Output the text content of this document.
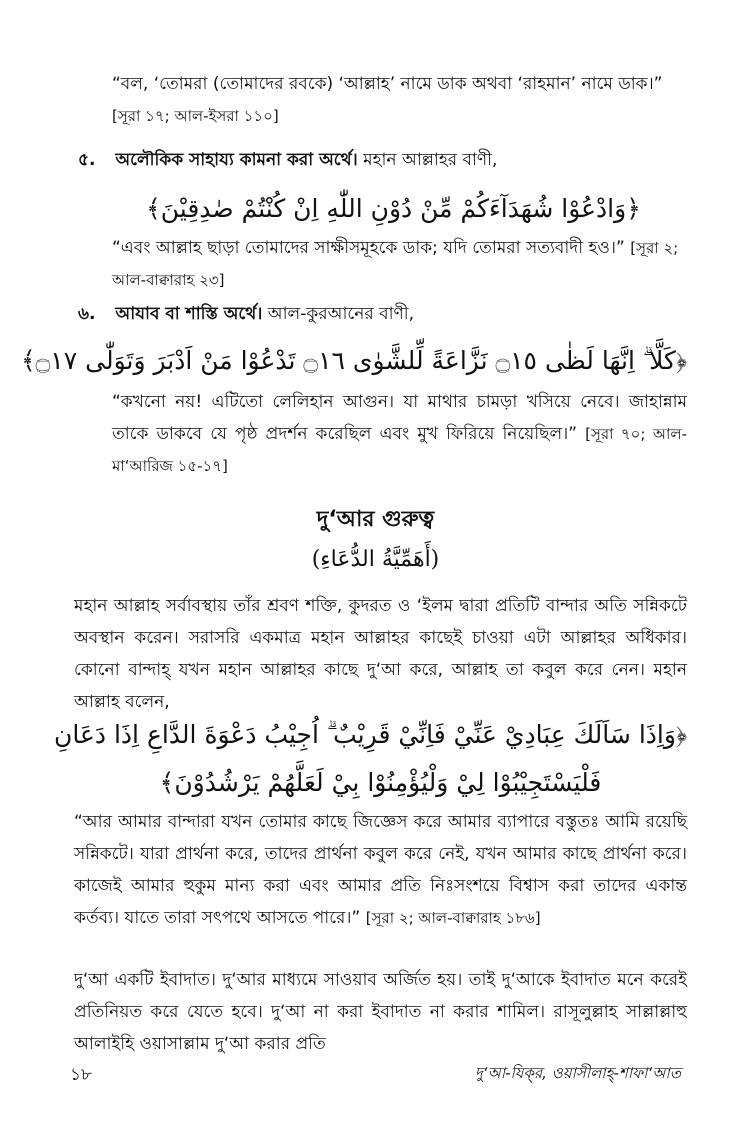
“বল, ‘তোমরা (তোমাদের রবকে) ‘আল্লাহ’ নামে ডাক অথবা ‘রাহমান’ নামে ডাক।” [সূরা ১৭; আল-ইসরা ১১০]
৫. অলৌকিক সাহায্য কামনা করা অর্থে। মহান আল্লাহর বাণী,
﴿وَادْعُوْا شُهَدَآءَكُمْ مِّنْ دُوْنِ اللّٰهِ اِنْ كُنْتُمْ صٰدِقِيْنَ﴾
“এবং আল্লাহ ছাড়া তোমাদের সাক্ষীসমূহকে ডাক; যদি তোমরা সত্যবাদী হও।” [সূরা ২; আল-বাক্বারাহ ২৩]
৬. আযাব বা শাস্তি অর্থে। আল-কুরআনের বাণী,
﴿كَلَّا ۗ اِنَّهَا لَظٰى ۝١٥ نَزَّاعَةً لِّلشَّوٰى ۝١٦ تَدْعُوْا مَنْ اَدْبَرَ وَتَوَلّٰى ۝١٧﴾
“কখনো নয়! এটিতো লেলিহান আগুন। যা মাথার চামড়া খসিয়ে নেবে। জাহান্নাম তাকে ডাকবে যে পৃষ্ঠ প্রদর্শন করেছিল এবং মুখ ফিরিয়ে নিয়েছিল।” [সূরা ৭০; আল-মা‘আরিজ ১৫-১৭]
দু‘আর গুরুত্ব
(أَهَمِّيَّةُ الدُّعَاءِ)
মহান আল্লাহ সর্বাবস্থায় তাঁর শ্রবণ শক্তি, কুদরত ও ‘ইলম দ্বারা প্রতিটি বান্দার অতি সন্নিকটে অবস্থান করেন। সরাসরি একমাত্র মহান আল্লাহর কাছেই চাওয়া এটা আল্লাহর অধিকার। কোনো বান্দাহ্ যখন মহান আল্লাহর কাছে দু‘আ করে, আল্লাহ তা কবুল করে নেন। মহান আল্লাহ বলেন,
﴿وَاِذَا سَاَلَكَ عِبَادِيْ عَنِّيْ فَاِنِّيْ قَرِيْبٌ ۗ اُجِيْبُ دَعْوَةَ الدَّاعِ اِذَا دَعَانِ
فَلْيَسْتَجِيْبُوْا لِيْ وَلْيُؤْمِنُوْا بِيْ لَعَلَّهُمْ يَرْشُدُوْنَ﴾
“আর আমার বান্দারা যখন তোমার কাছে জিজ্ঞেস করে আমার ব্যাপারে বস্তুতঃ আমি রয়েছি সন্নিকটে। যারা প্রার্থনা করে, তাদের প্রার্থনা কবুল করে নেই, যখন আমার কাছে প্রার্থনা করে। কাজেই আমার হুকুম মান্য করা এবং আমার প্রতি নিঃসংশয়ে বিশ্বাস করা তাদের একান্ত কর্তব্য। যাতে তারা সৎপথে আসতে পারে।” [সূরা ২; আল-বাক্বারাহ ১৮৬]
দু‘আ একটি ইবাদাত। দু‘আর মাধ্যমে সাওয়াব অর্জিত হয়। তাই দু‘আকে ইবাদাত মনে করেই প্রতিনিয়ত করে যেতে হবে। দু‘আ না করা ইবাদাত না করার শামিল। রাসূলুল্লাহ সাল্লাল্লাহু আলাইহি ওয়াসাল্লাম দু‘আ করার প্রতি
১৮	দু‘আ-যিক্‌র, ওয়াসীলাহ্‌-শাফা‘আত
